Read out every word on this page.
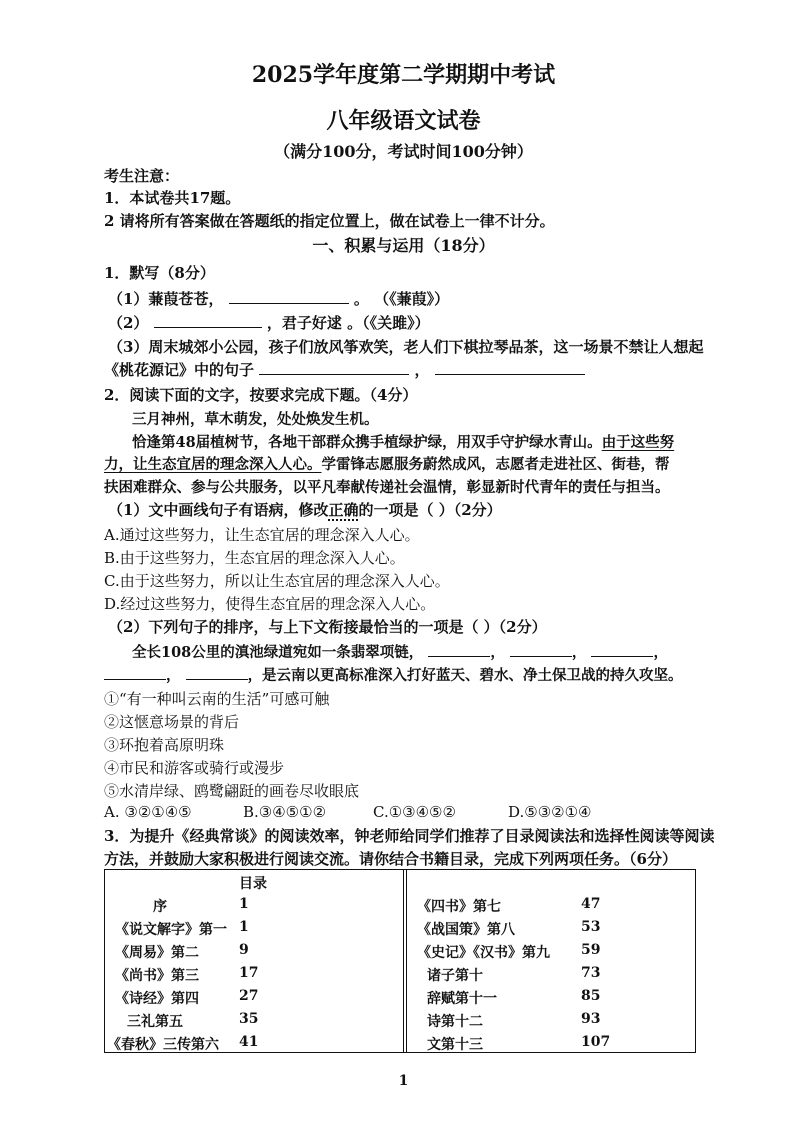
2025学年度第二学期期中考试
八年级语文试卷
（满分100分，考试时间100分钟）
考生注意：
1．本试卷共17题。
2 请将所有答案做在答题纸的指定位置上，做在试卷上一律不计分。
一、积累与运用（18分）
1．默写（8分）
（1）蒹葭苍苍，	。 （《蒹葭》）
（2）	，君子好逑 。（《关雎》）
（3）周末城郊小公园，孩子们放风筝欢笑，老人们下棋拉琴品茶，这一场景不禁让人想起
《桃花源记》中的句子	，
2．阅读下面的文字，按要求完成下题。（4分）
三月神州，草木萌发，处处焕发生机。
恰逢第48届植树节，各地干部群众携手植绿护绿，用双手守护绿水青山。由于这些努
力，让生态宜居的理念深入人心。学雷锋志愿服务蔚然成风，志愿者走进社区、街巷，帮
扶困难群众、参与公共服务，以平凡奉献传递社会温情，彰显新时代青年的责任与担当。
（1）文中画线句子有语病，修改正确的一项是（ ）（2分）
A.通过这些努力，让生态宜居的理念深入人心。
B.由于这些努力，生态宜居的理念深入人心。
C.由于这些努力，所以让生态宜居的理念深入人心。
D.经过这些努力，使得生态宜居的理念深入人心。
（2）下列句子的排序，与上下文衔接最恰当的一项是（ ）（2分）
全长108公里的滇池绿道宛如一条翡翠项链，	，	，	，
，	，是云南以更高标准深入打好蓝天、碧水、净土保卫战的持久攻坚。
①“有一种叫云南的生活”可感可触
②这惬意场景的背后
③环抱着高原明珠
④市民和游客或骑行或漫步
⑤水清岸绿、鸥鹭翩跹的画卷尽收眼底
A. ③②①④⑤	B.③④⑤①②	C.①③④⑤②	D.⑤③②①④
3．为提升《经典常谈》的阅读效率，钟老师给同学们推荐了目录阅读法和选择性阅读等阅读
方法，并鼓励大家积极进行阅读交流。请你结合书籍目录，完成下列两项任务。（6分）
目录
序	1
《说文解字》第一 1
《周易》第二	9
《尚书》第三	17
《诗经》第四	27
三礼第五	35
《春秋》三传第六 41
《四书》第七	47
《战国策》第八	53
《史记》《汉书》第九 59
诸子第十	73
辞赋第十一	85
诗第十二	93
文第十三	107
1
